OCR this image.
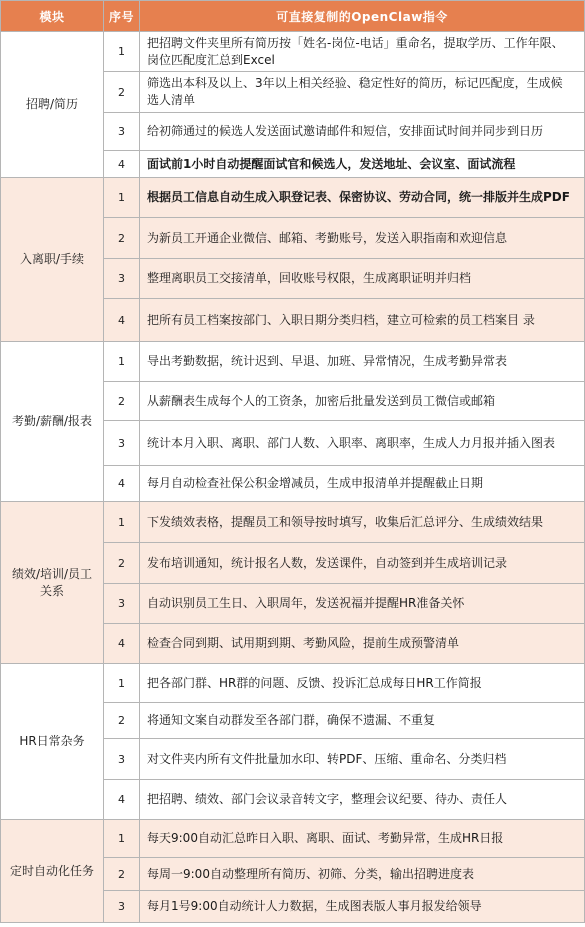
模块	序号	可直接复制的OpenClaw指令
招聘/简历	1	把招聘文件夹里所有简历按「姓名-岗位-电话」重命名，提取学历、工作年限、岗位匹配度汇总到Excel
	2	筛选出本科及以上、3年以上相关经验、稳定性好的简历，标记匹配度，生成候选人清单
	3	给初筛通过的候选人发送面试邀请邮件和短信，安排面试时间并同步到日历
	4	面试前1小时自动提醒面试官和候选人，发送地址、会议室、面试流程
入离职/手续	1	根据员工信息自动生成入职登记表、保密协议、劳动合同，统一排版并生成PDF
	2	为新员工开通企业微信、邮箱、考勤账号，发送入职指南和欢迎信息
	3	整理离职员工交接清单，回收账号权限，生成离职证明并归档
	4	把所有员工档案按部门、入职日期分类归档，建立可检索的员工档案目 录
考勤/薪酬/报表	1	导出考勤数据，统计迟到、早退、加班、异常情况，生成考勤异常表
	2	从薪酬表生成每个人的工资条，加密后批量发送到员工微信或邮箱
	3	统计本月入职、离职、部门人数、入职率、离职率，生成人力月报并插入图表
	4	每月自动检查社保公积金增减员，生成申报清单并提醒截止日期
绩效/培训/员工关系	1	下发绩效表格，提醒员工和领导按时填写，收集后汇总评分、生成绩效结果
	2	发布培训通知，统计报名人数，发送课件，自动签到并生成培训记录
	3	自动识别员工生日、入职周年，发送祝福并提醒HR准备关怀
	4	检查合同到期、试用期到期、考勤风险，提前生成预警清单
HR日常杂务	1	把各部门群、HR群的问题、反馈、投诉汇总成每日HR工作简报
	2	将通知文案自动群发至各部门群，确保不遗漏、不重复
	3	对文件夹内所有文件批量加水印、转PDF、压缩、重命名、分类归档
	4	把招聘、绩效、部门会议录音转文字，整理会议纪要、待办、责任人
定时自动化任务	1	每天9:00自动汇总昨日入职、离职、面试、考勤异常，生成HR日报
	2	每周一9:00自动整理所有简历、初筛、分类，输出招聘进度表
	3	每月1号9:00自动统计人力数据，生成图表版人事月报发给领导
